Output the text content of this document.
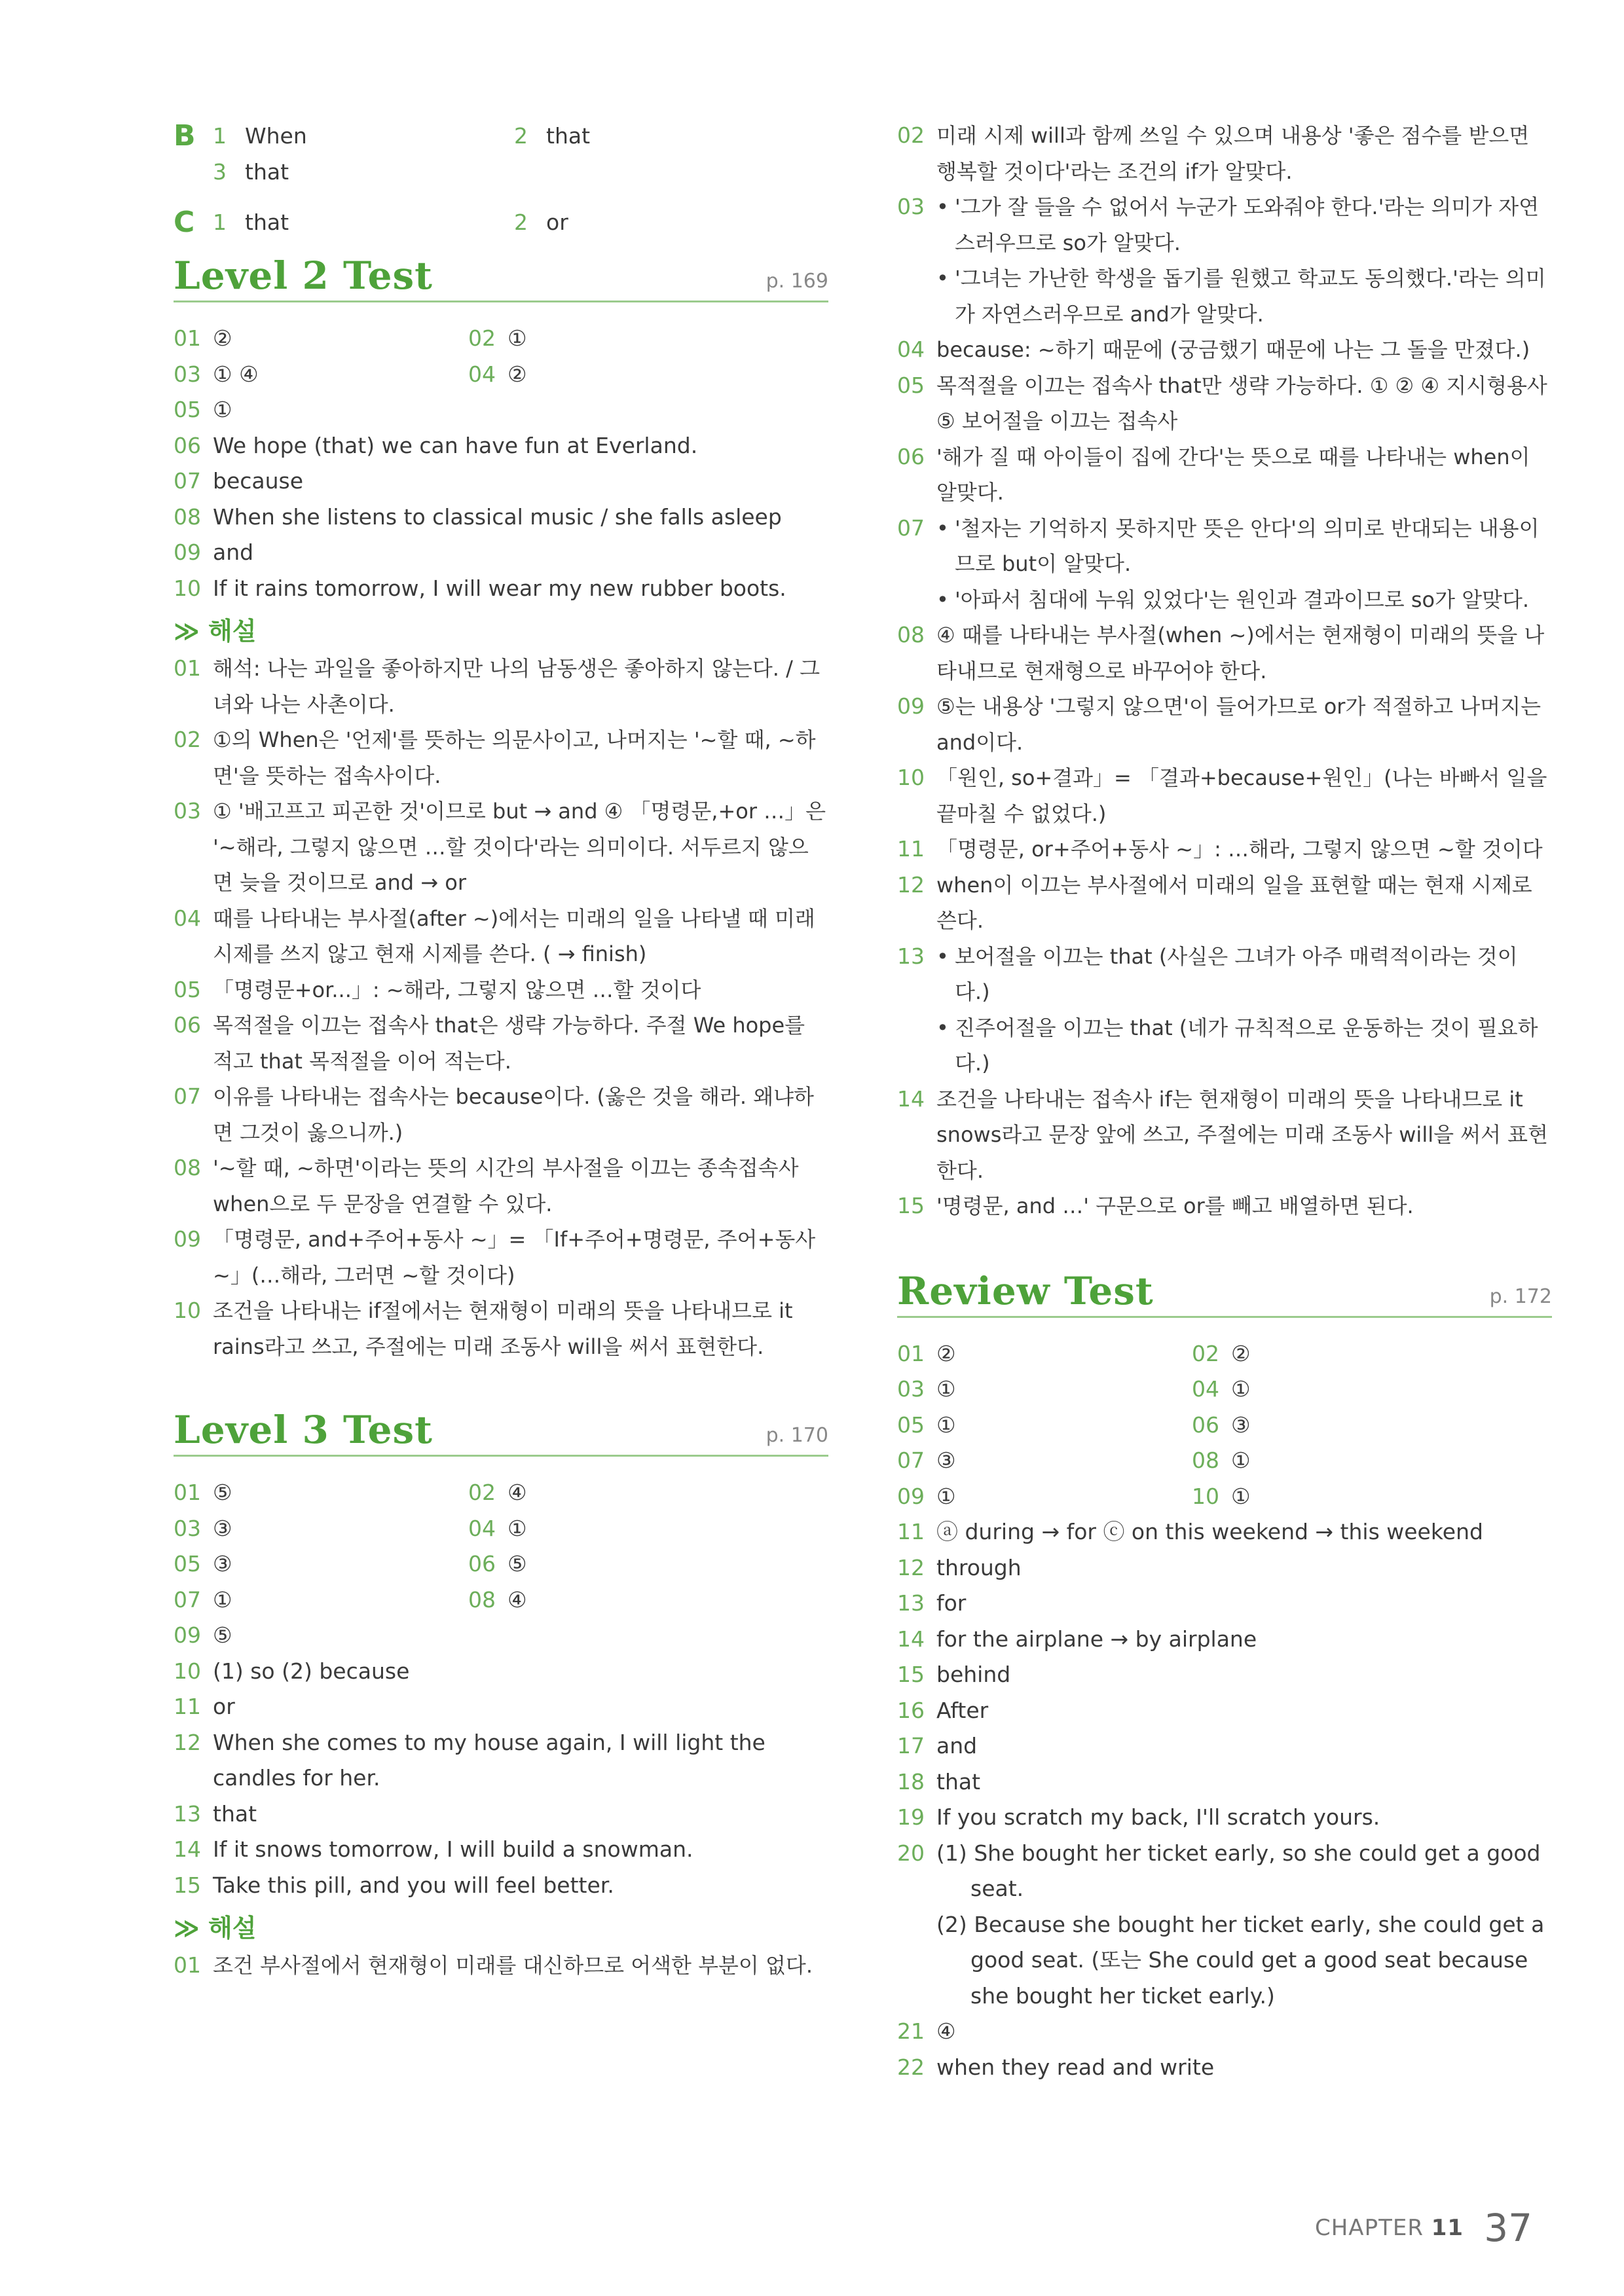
B 1 When	2 that
3 that
C 1 that	2 or
Level 2 Test	p. 169
01 ②	02 ①
03 ① ④	04 ②
05 ①
06 We hope (that) we can have fun at Everland.
07 because
08 When she listens to classical music / she falls asleep
09 and
10 If it rains tomorrow, I will wear my new rubber boots.
≫ 해설
01 해석: 나는 과일을 좋아하지만 나의 남동생은 좋아하지 않는다. / 그녀와 나는 사촌이다.

02 ①의 When은 '언제'를 뜻하는 의문사이고, 나머지는 '~할 때, ~하면'을 뜻하는 접속사이다.

03 ① '배고프고 피곤한 것'이므로 but → and ④ 「명령문,+or …」은 '~해라, 그렇지 않으면 …할 것이다'라는 의미이다. 서두르지 않으면 늦을 것이므로 and → or

04 때를 나타내는 부사절(after ~)에서는 미래의 일을 나타낼 때 미래 시제를 쓰지 않고 현재 시제를 쓴다. ( → finish)

05 「명령문+or...」: ~해라, 그렇지 않으면 …할 것이다

06 목적절을 이끄는 접속사 that은 생략 가능하다. 주절 We hope를 적고 that 목적절을 이어 적는다.

07 이유를 나타내는 접속사는 because이다. (옳은 것을 해라. 왜냐하면 그것이 옳으니까.)

08 '~할 때, ~하면'이라는 뜻의 시간의 부사절을 이끄는 종속접속사 when으로 두 문장을 연결할 수 있다.

09 「명령문, and+주어+동사 ~」= 「If+주어+명령문, 주어+동사 ~」(…해라, 그러면 ~할 것이다)

10 조건을 나타내는 if절에서는 현재형이 미래의 뜻을 나타내므로 it rains라고 쓰고, 주절에는 미래 조동사 will을 써서 표현한다.

Level 3 Test	p. 170
01 ⑤	02 ④
03 ③	04 ①
05 ③	06 ⑤
07 ①	08 ④
09 ⑤
10 (1) so (2) because
11 or
12 When she comes to my house again, I will light the candles for her.
13 that
14 If it snows tomorrow, I will build a snowman.
15 Take this pill, and you will feel better.
≫ 해설
01 조건 부사절에서 현재형이 미래를 대신하므로 어색한 부분이 없다.

02 미래 시제 will과 함께 쓰일 수 있으며 내용상 '좋은 점수를 받으면 행복할 것이다'라는 조건의 if가 알맞다.

03	• '그가 잘 들을 수 없어서 누군가 도와줘야 한다.'라는 의미가 자연스러우므로 so가 알맞다.

• '그녀는 가난한 학생을 돕기를 원했고 학교도 동의했다.'라는 의미가 자연스러우므로 and가 알맞다.

04 because: ~하기 때문에 (궁금했기 때문에 나는 그 돌을 만졌다.)

05 목적절을 이끄는 접속사 that만 생략 가능하다. ① ② ④ 지시형용사 ⑤ 보어절을 이끄는 접속사

06 '해가 질 때 아이들이 집에 간다'는 뜻으로 때를 나타내는 when이 알맞다.

07	• '철자는 기억하지 못하지만 뜻은 안다'의 의미로 반대되는 내용이므로 but이 알맞다.

• '아파서 침대에 누워 있었다'는 원인과 결과이므로 so가 알맞다.

08 ④ 때를 나타내는 부사절(when ~)에서는 현재형이 미래의 뜻을 나타내므로 현재형으로 바꾸어야 한다.

09 ⑤는 내용상 '그렇지 않으면'이 들어가므로 or가 적절하고 나머지는 and이다.

10 「원인, so+결과」= 「결과+because+원인」(나는 바빠서 일을 끝마칠 수 없었다.)

11 「명령문, or+주어+동사 ~」: …해라, 그렇지 않으면 ~할 것이다

12 when이 이끄는 부사절에서 미래의 일을 표현할 때는 현재 시제로 쓴다.

13	• 보어절을 이끄는 that (사실은 그녀가 아주 매력적이라는 것이다.)

• 진주어절을 이끄는 that (네가 규칙적으로 운동하는 것이 필요하다.)

14 조건을 나타내는 접속사 if는 현재형이 미래의 뜻을 나타내므로 it snows라고 문장 앞에 쓰고, 주절에는 미래 조동사 will을 써서 표현한다.

15 '명령문, and …' 구문으로 or를 빼고 배열하면 된다.

Review Test	p. 172
01 ②	02 ②
03 ①	04 ①
05 ①	06 ③
07 ③	08 ①
09 ①	10 ①
11 ⓐ during → for ⓒ on this weekend → this weekend
12 through
13 for
14 for the airplane → by airplane
15 behind
16 After
17 and
18 that
19 If you scratch my back, I'll scratch yours.
20 (1) She bought her ticket early, so she could get a good
seat.
(2) Because she bought her ticket early, she could get a
good seat. (또는 She could get a good seat because
she bought her ticket early.)
21 ④
22 when they read and write
CHAPTER 11 37
